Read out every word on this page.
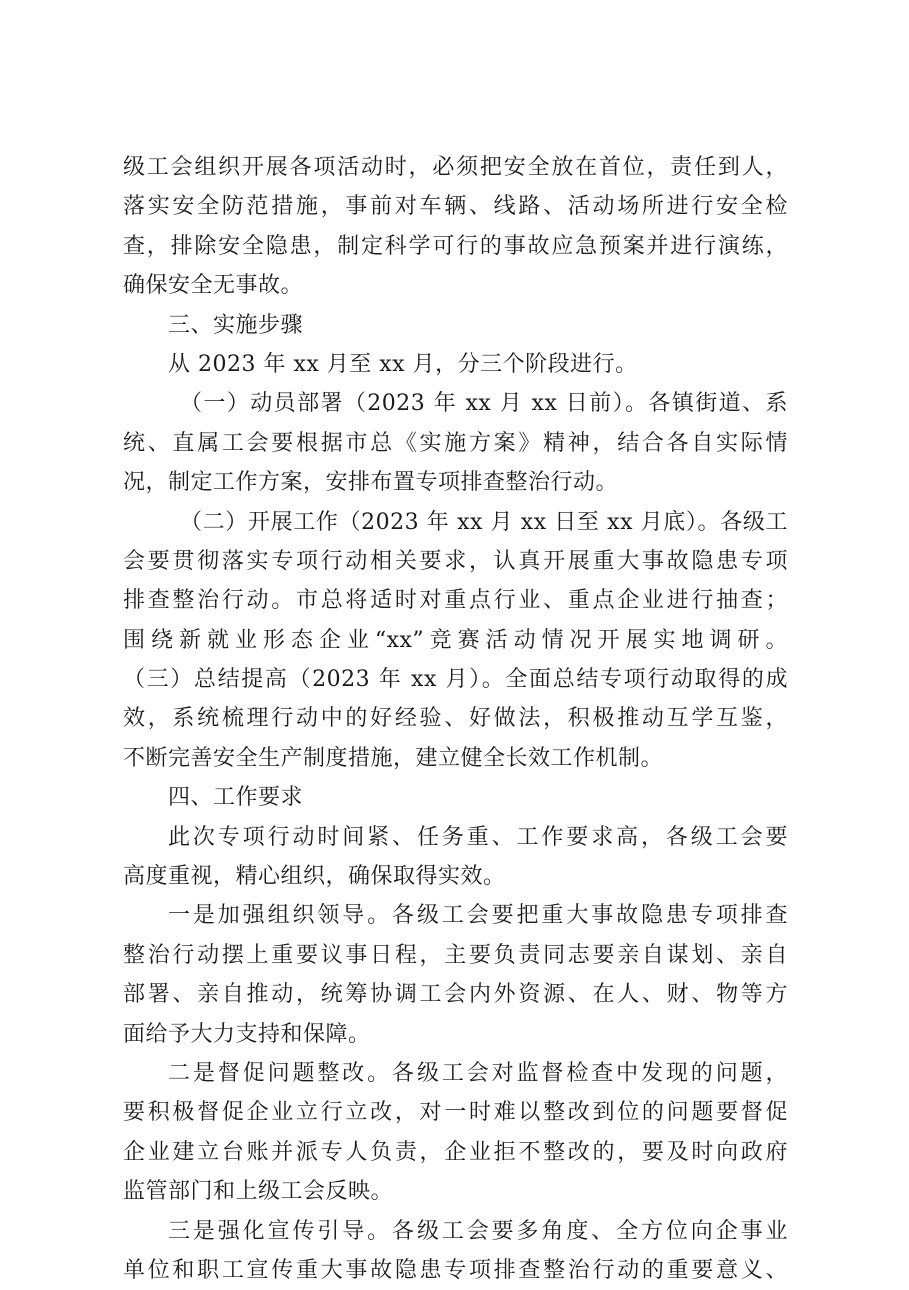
级工会组织开展各项活动时，必须把安全放在首位，责任到人，
落实安全防范措施，事前对车辆、线路、活动场所进行安全检
查，排除安全隐患，制定科学可行的事故应急预案并进行演练，
确保安全无事故。
三、实施步骤
从 2023 年 xx 月至 xx 月，分三个阶段进行。
（一）动员部署（2023 年 xx 月 xx 日前）。各镇街道、系
统、直属工会要根据市总《实施方案》精神，结合各自实际情
况，制定工作方案，安排布置专项排查整治行动。
（二）开展工作（2023 年 xx 月 xx 日至 xx 月底）。各级工
会要贯彻落实专项行动相关要求，认真开展重大事故隐患专项
排查整治行动。市总将适时对重点行业、重点企业进行抽查；
围绕新就业形态企业“xx”竞赛活动情况开展实地调研。
（三）总结提高（2023 年 xx 月）。全面总结专项行动取得的成
效，系统梳理行动中的好经验、好做法，积极推动互学互鉴，
不断完善安全生产制度措施，建立健全长效工作机制。
四、工作要求
此次专项行动时间紧、任务重、工作要求高，各级工会要
高度重视，精心组织，确保取得实效。
一是加强组织领导。各级工会要把重大事故隐患专项排查
整治行动摆上重要议事日程，主要负责同志要亲自谋划、亲自
部署、亲自推动，统筹协调工会内外资源、在人、财、物等方
面给予大力支持和保障。
二是督促问题整改。各级工会对监督检查中发现的问题，
要积极督促企业立行立改，对一时难以整改到位的问题要督促
企业建立台账并派专人负责，企业拒不整改的，要及时向政府
监管部门和上级工会反映。
三是强化宣传引导。各级工会要多角度、全方位向企事业
单位和职工宣传重大事故隐患专项排查整治行动的重要意义、
